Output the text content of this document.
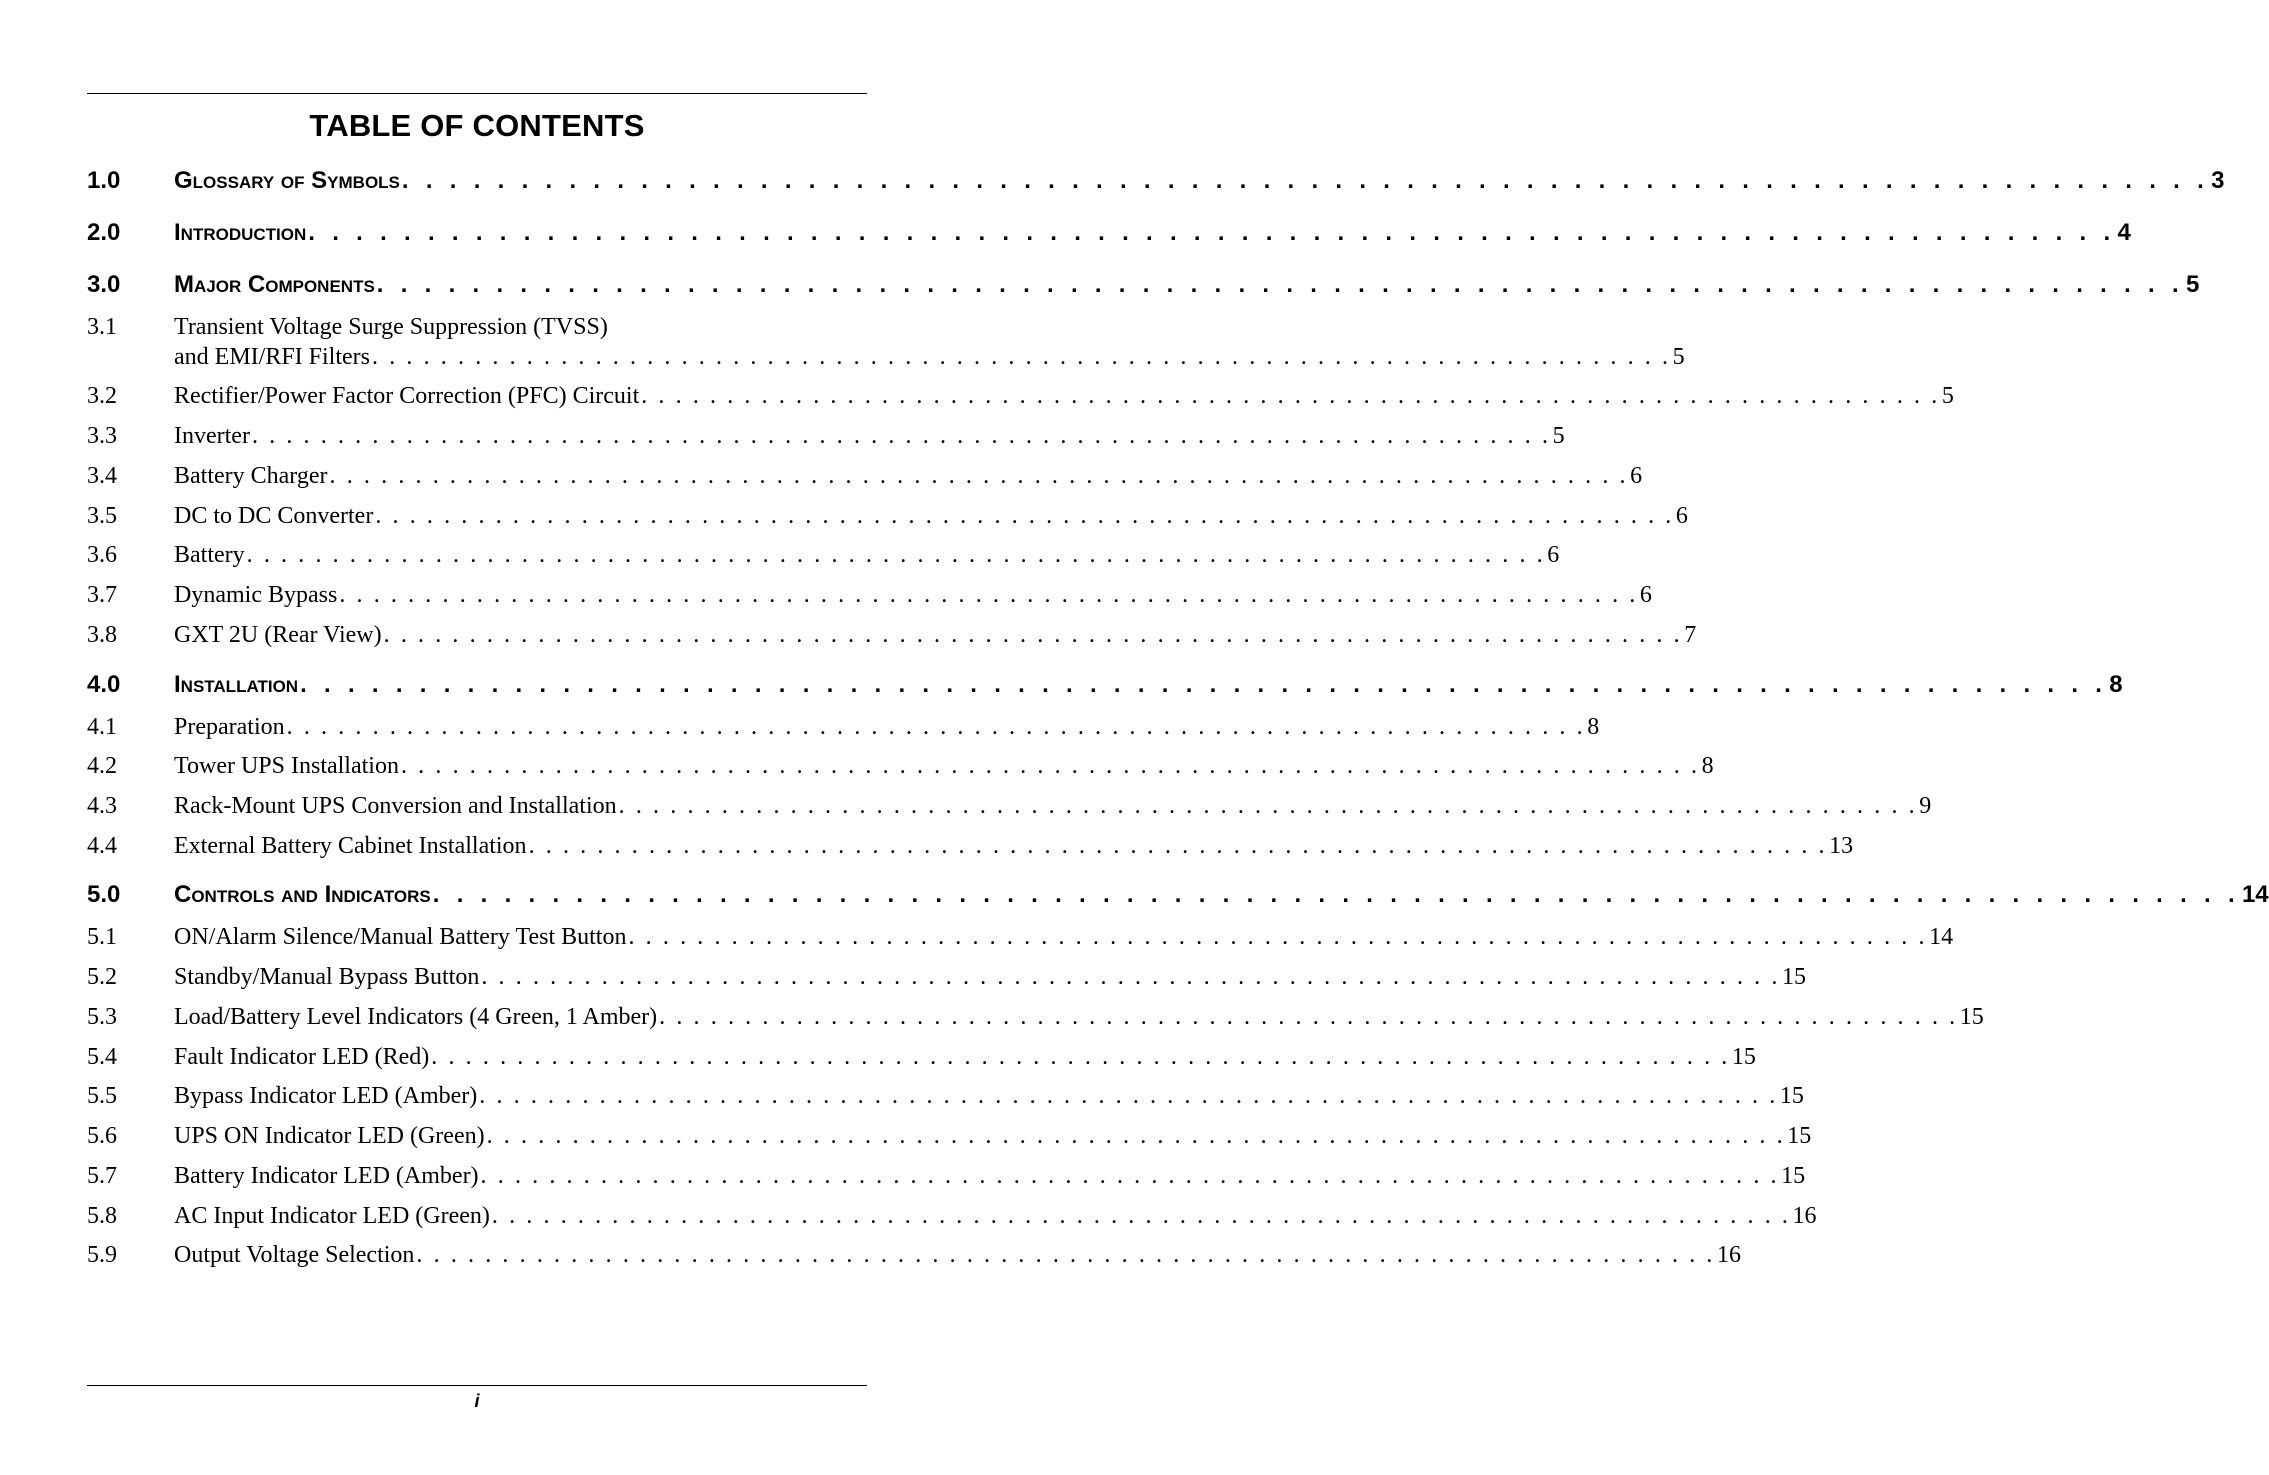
TABLE OF CONTENTS
1.0 Glossary of Symbols . . . . . . . . . . . . . . . . . . . . . . . . . . . . . . . . . . . . . . . . . . . . . . . . . . . . . . . . . . . . . . . . . . . . . . . . . . . . 3
2.0 Introduction . . . . . . . . . . . . . . . . . . . . . . . . . . . . . . . . . . . . . . . . . . . . . . . . . . . . . . . . . . . . . . . . . . . . . . . . . . . . 4
3.0 Major Components . . . . . . . . . . . . . . . . . . . . . . . . . . . . . . . . . . . . . . . . . . . . . . . . . . . . . . . . . . . . . . . . . . . . . . . . . . . . 5
3.1 Transient Voltage Surge Suppression (TVSS)
and EMI/RFI Filters . . . . . . . . . . . . . . . . . . . . . . . . . . . . . . . . . . . . . . . . . . . . . . . . . . . . . . . . . . . . . . . . . . . . . . . . . . . . 5
3.2 Rectifier/Power Factor Correction (PFC) Circuit . . . . . . . . . . . . . . . . . . . . . . . . . . . . . . . . . . . . . . . . . . . . . . . . . . . . . . . . . . . . . . . . . . . . . . . . . . . . 5
3.3 Inverter . . . . . . . . . . . . . . . . . . . . . . . . . . . . . . . . . . . . . . . . . . . . . . . . . . . . . . . . . . . . . . . . . . . . . . . . . . . . 5
3.4 Battery Charger . . . . . . . . . . . . . . . . . . . . . . . . . . . . . . . . . . . . . . . . . . . . . . . . . . . . . . . . . . . . . . . . . . . . . . . . . . . . 6
3.5 DC to DC Converter . . . . . . . . . . . . . . . . . . . . . . . . . . . . . . . . . . . . . . . . . . . . . . . . . . . . . . . . . . . . . . . . . . . . . . . . . . . . 6
3.6 Battery . . . . . . . . . . . . . . . . . . . . . . . . . . . . . . . . . . . . . . . . . . . . . . . . . . . . . . . . . . . . . . . . . . . . . . . . . . . . 6
3.7 Dynamic Bypass . . . . . . . . . . . . . . . . . . . . . . . . . . . . . . . . . . . . . . . . . . . . . . . . . . . . . . . . . . . . . . . . . . . . . . . . . . . . 6
3.8 GXT 2U (Rear View) . . . . . . . . . . . . . . . . . . . . . . . . . . . . . . . . . . . . . . . . . . . . . . . . . . . . . . . . . . . . . . . . . . . . . . . . . . . . 7
4.0 Installation . . . . . . . . . . . . . . . . . . . . . . . . . . . . . . . . . . . . . . . . . . . . . . . . . . . . . . . . . . . . . . . . . . . . . . . . . . . . 8
4.1 Preparation . . . . . . . . . . . . . . . . . . . . . . . . . . . . . . . . . . . . . . . . . . . . . . . . . . . . . . . . . . . . . . . . . . . . . . . . . . . . 8
4.2 Tower UPS Installation . . . . . . . . . . . . . . . . . . . . . . . . . . . . . . . . . . . . . . . . . . . . . . . . . . . . . . . . . . . . . . . . . . . . . . . . . . . . 8
4.3 Rack-Mount UPS Conversion and Installation . . . . . . . . . . . . . . . . . . . . . . . . . . . . . . . . . . . . . . . . . . . . . . . . . . . . . . . . . . . . . . . . . . . . . . . . . . . . 9
4.4 External Battery Cabinet Installation . . . . . . . . . . . . . . . . . . . . . . . . . . . . . . . . . . . . . . . . . . . . . . . . . . . . . . . . . . . . . . . . . . . . . . . . . . . . 13
5.0 Controls and Indicators . . . . . . . . . . . . . . . . . . . . . . . . . . . . . . . . . . . . . . . . . . . . . . . . . . . . . . . . . . . . . . . . . . . . . . . . . . . . 14
5.1 ON/Alarm Silence/Manual Battery Test Button . . . . . . . . . . . . . . . . . . . . . . . . . . . . . . . . . . . . . . . . . . . . . . . . . . . . . . . . . . . . . . . . . . . . . . . . . . . . 14
5.2 Standby/Manual Bypass Button . . . . . . . . . . . . . . . . . . . . . . . . . . . . . . . . . . . . . . . . . . . . . . . . . . . . . . . . . . . . . . . . . . . . . . . . . . . . 15
5.3 Load/Battery Level Indicators (4 Green, 1 Amber) . . . . . . . . . . . . . . . . . . . . . . . . . . . . . . . . . . . . . . . . . . . . . . . . . . . . . . . . . . . . . . . . . . . . . . . . . . . . 15
5.4 Fault Indicator LED (Red) . . . . . . . . . . . . . . . . . . . . . . . . . . . . . . . . . . . . . . . . . . . . . . . . . . . . . . . . . . . . . . . . . . . . . . . . . . . . 15
5.5 Bypass Indicator LED (Amber) . . . . . . . . . . . . . . . . . . . . . . . . . . . . . . . . . . . . . . . . . . . . . . . . . . . . . . . . . . . . . . . . . . . . . . . . . . . . 15
5.6 UPS ON Indicator LED (Green) . . . . . . . . . . . . . . . . . . . . . . . . . . . . . . . . . . . . . . . . . . . . . . . . . . . . . . . . . . . . . . . . . . . . . . . . . . . . 15
5.7 Battery Indicator LED (Amber) . . . . . . . . . . . . . . . . . . . . . . . . . . . . . . . . . . . . . . . . . . . . . . . . . . . . . . . . . . . . . . . . . . . . . . . . . . . . 15
5.8 AC Input Indicator LED (Green) . . . . . . . . . . . . . . . . . . . . . . . . . . . . . . . . . . . . . . . . . . . . . . . . . . . . . . . . . . . . . . . . . . . . . . . . . . . . 16
5.9 Output Voltage Selection . . . . . . . . . . . . . . . . . . . . . . . . . . . . . . . . . . . . . . . . . . . . . . . . . . . . . . . . . . . . . . . . . . . . . . . . . . . . 16
i
